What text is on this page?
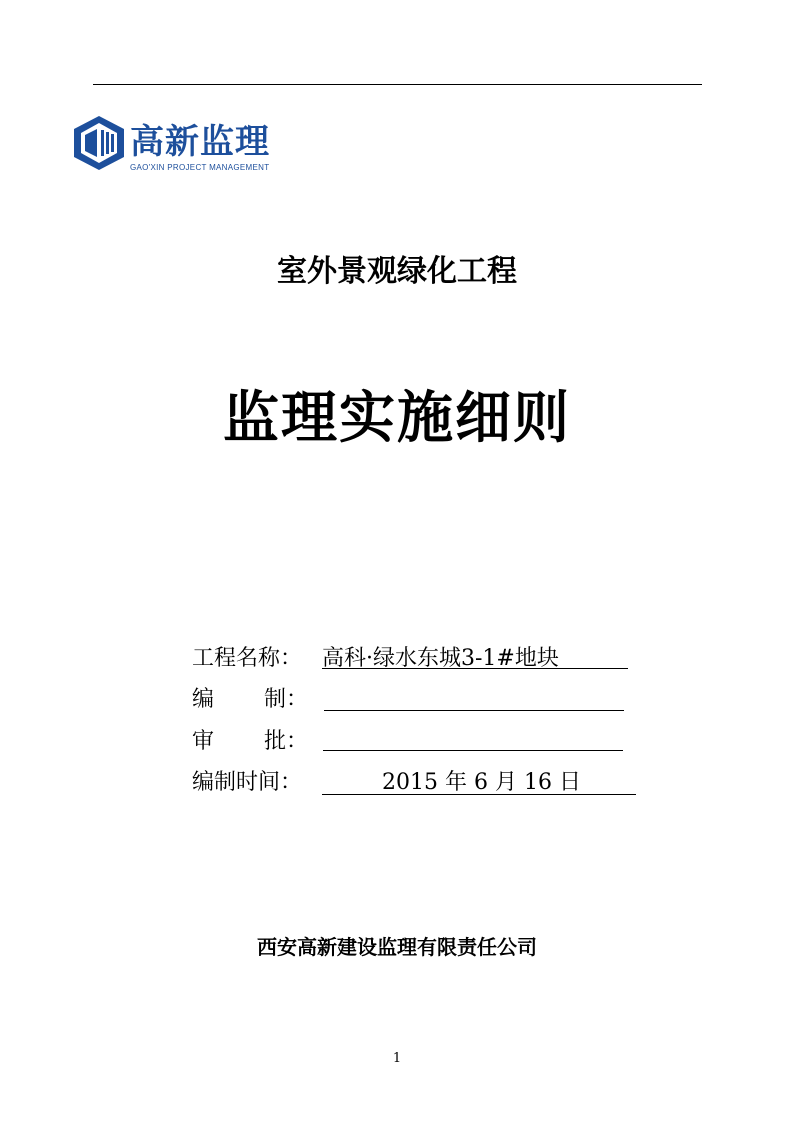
高新监理
GAO'XIN PROJECT MANAGEMENT
室外景观绿化工程
监理实施细则
工程名称： 高科·绿水东城3-1#地块
编 制：
审 批：
编制时间：	2015 年 6 月 16 日
西安高新建设监理有限责任公司
1
